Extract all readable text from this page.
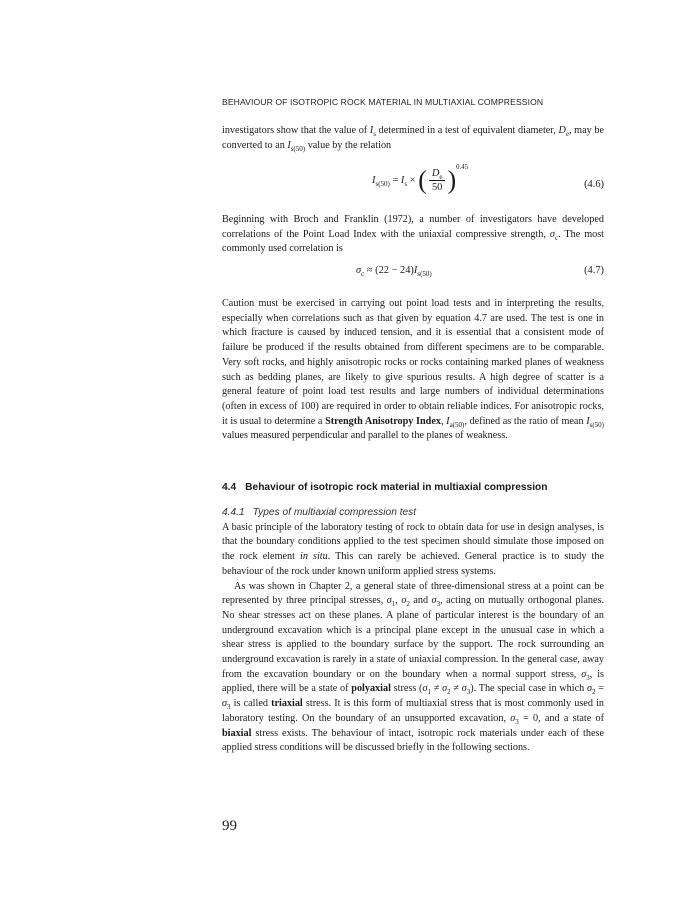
BEHAVIOUR OF ISOTROPIC ROCK MATERIAL IN MULTIAXIAL COMPRESSION

investigators show that the value of $I_s$ determined in a test of equivalent diameter, $D_e$, may be converted to an $I_{s(50)}$ value by the relation

$I_{s(50)} = I_s$ × ( $\frac{D_e}{50} )^{0.45}$
(4.6)

Beginning with Broch and Franklin (1972), a number of investigators have developed correlations of the Point Load Index with the uniaxial compressive strength, $\sigma_c$. The most commonly used correlation is

$\sigma_c \approx (22 - 24)I_{s(50)}$	(4.7)

Caution must be exercised in carrying out point load tests and in interpreting the results, especially when correlations such as that given by equation 4.7 are used. The test is one in which fracture is caused by induced tension, and it is essential that a consistent mode of failure be produced if the results obtained from different specimens are to be comparable. Very soft rocks, and highly anisotropic rocks or rocks containing marked planes of weakness such as bedding planes, are likely to give spurious results. A high degree of scatter is a general feature of point load test results and large numbers of individual determinations (often in excess of 100) are required in order to obtain reliable indices. For anisotropic rocks, it is usual to determine a Strength Anisotropy Index, $I_{a(50)}$, defined as the ratio of mean $I_{s(50)}$ values measured perpendicular and parallel to the planes of weakness.

4.4 Behaviour of isotropic rock material in multiaxial compression

4.4.1 Types of multiaxial compression test

A basic principle of the laboratory testing of rock to obtain data for use in design analyses, is that the boundary conditions applied to the test specimen should simulate those imposed on the rock element in situ. This can rarely be achieved. General practice is to study the behaviour of the rock under known uniform applied stress systems.

As was shown in Chapter 2, a general state of three-dimensional stress at a point can be represented by three principal stresses, $\sigma_1$, $\sigma_2$ and $\sigma_3$, acting on mutually orthogonal planes. No shear stresses act on these planes. A plane of particular interest is the boundary of an underground excavation which is a principal plane except in the unusual case in which a shear stress is applied to the boundary surface by the support. The rock surrounding an underground excavation is rarely in a state of uniaxial compression. In the general case, away from the excavation boundary or on the boundary when a normal support stress, $\sigma_3$, is applied, there will be a state of polyaxial stress $(\sigma_1 \ne \sigma_2 \ne \sigma_3)$. The special case in which $\sigma_2 = \sigma_3$ is called triaxial stress. It is this form of multiaxial stress that is most commonly used in laboratory testing. On the boundary of an unsupported excavation, $\sigma_3 = 0$, and a state of biaxial stress exists. The behaviour of intact, isotropic rock materials under each of these applied stress conditions will be discussed briefly in the following sections.

99
